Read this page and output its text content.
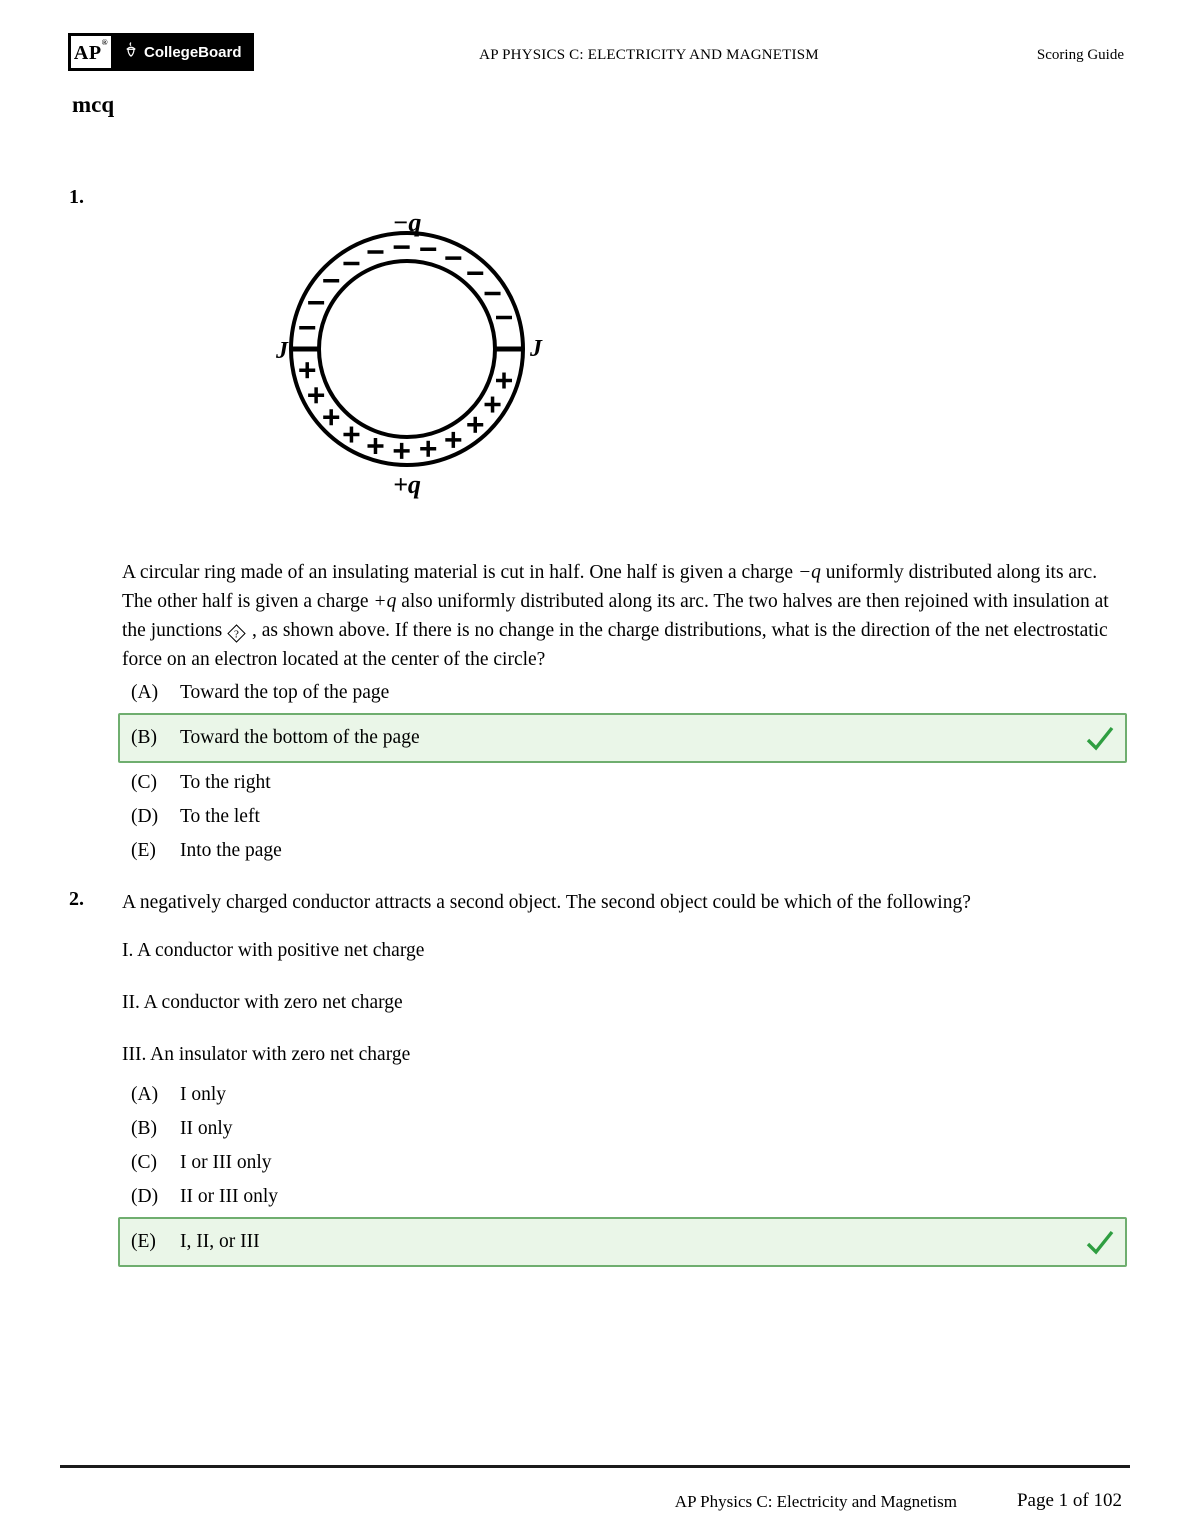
AP®
CollegeBoard	AP PHYSICS C: ELECTRICITY AND MAGNETISM	Scoring Guide
mcq
1.
−q
+q
J	J
A circular ring made of an insulating material is cut in half. One half is given a charge −q uniformly distributed along its arc. The other half is given a charge +q also uniformly distributed along its arc. The two halves are then rejoined with insulation at the junctions ? , as shown above. If there is no change in the charge distributions, what is the direction of the net electrostatic force on an electron located at the center of the circle?
(A)	Toward the top of the page
(B)	Toward the bottom of the page
(C)	To the right
(D)	To the left
(E)	Into the page
2. A negatively charged conductor attracts a second object. The second object could be which of the following?
I. A conductor with positive net charge
II. A conductor with zero net charge
III. An insulator with zero net charge
(A)	I only
(B)	II only
(C)	I or III only
(D)	II or III only
(E)	I, II, or III
AP Physics C: Electricity and Magnetism	Page 1 of 102
